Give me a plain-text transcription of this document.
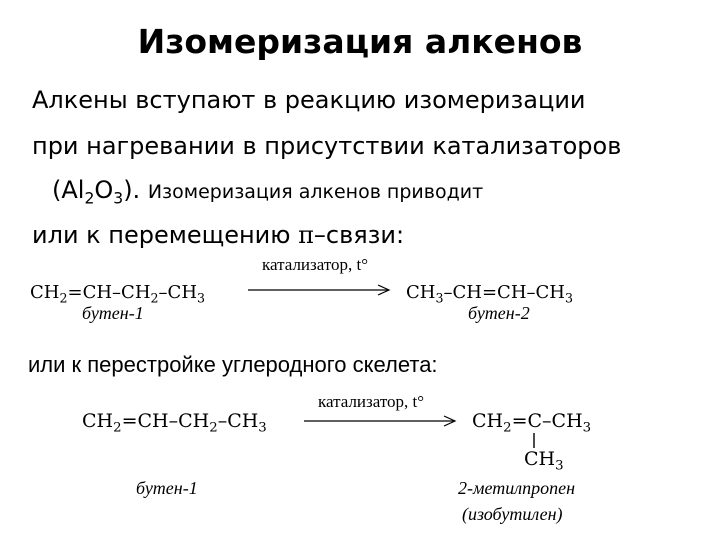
Изомеризация алкенов
Алкены вступают в реакцию изомеризации
при нагревании в присутствии катализаторов
$(Al_2O_3)$. Изомеризация алкенов приводит
или к перемещению π–связи:
$CH_2=CH-CH_2-CH_3$
катализатор, t°
$CH_3-CH=CH-CH_3$
бутен-1	бутен-2
или к перестройке углеродного скелета:
$CH_2=CH-CH_2-CH_3$
катализатор, t°
$CH_2=C-CH_3$
$CH_3$
бутен-1	2-метилпропен
(изобутилен)
